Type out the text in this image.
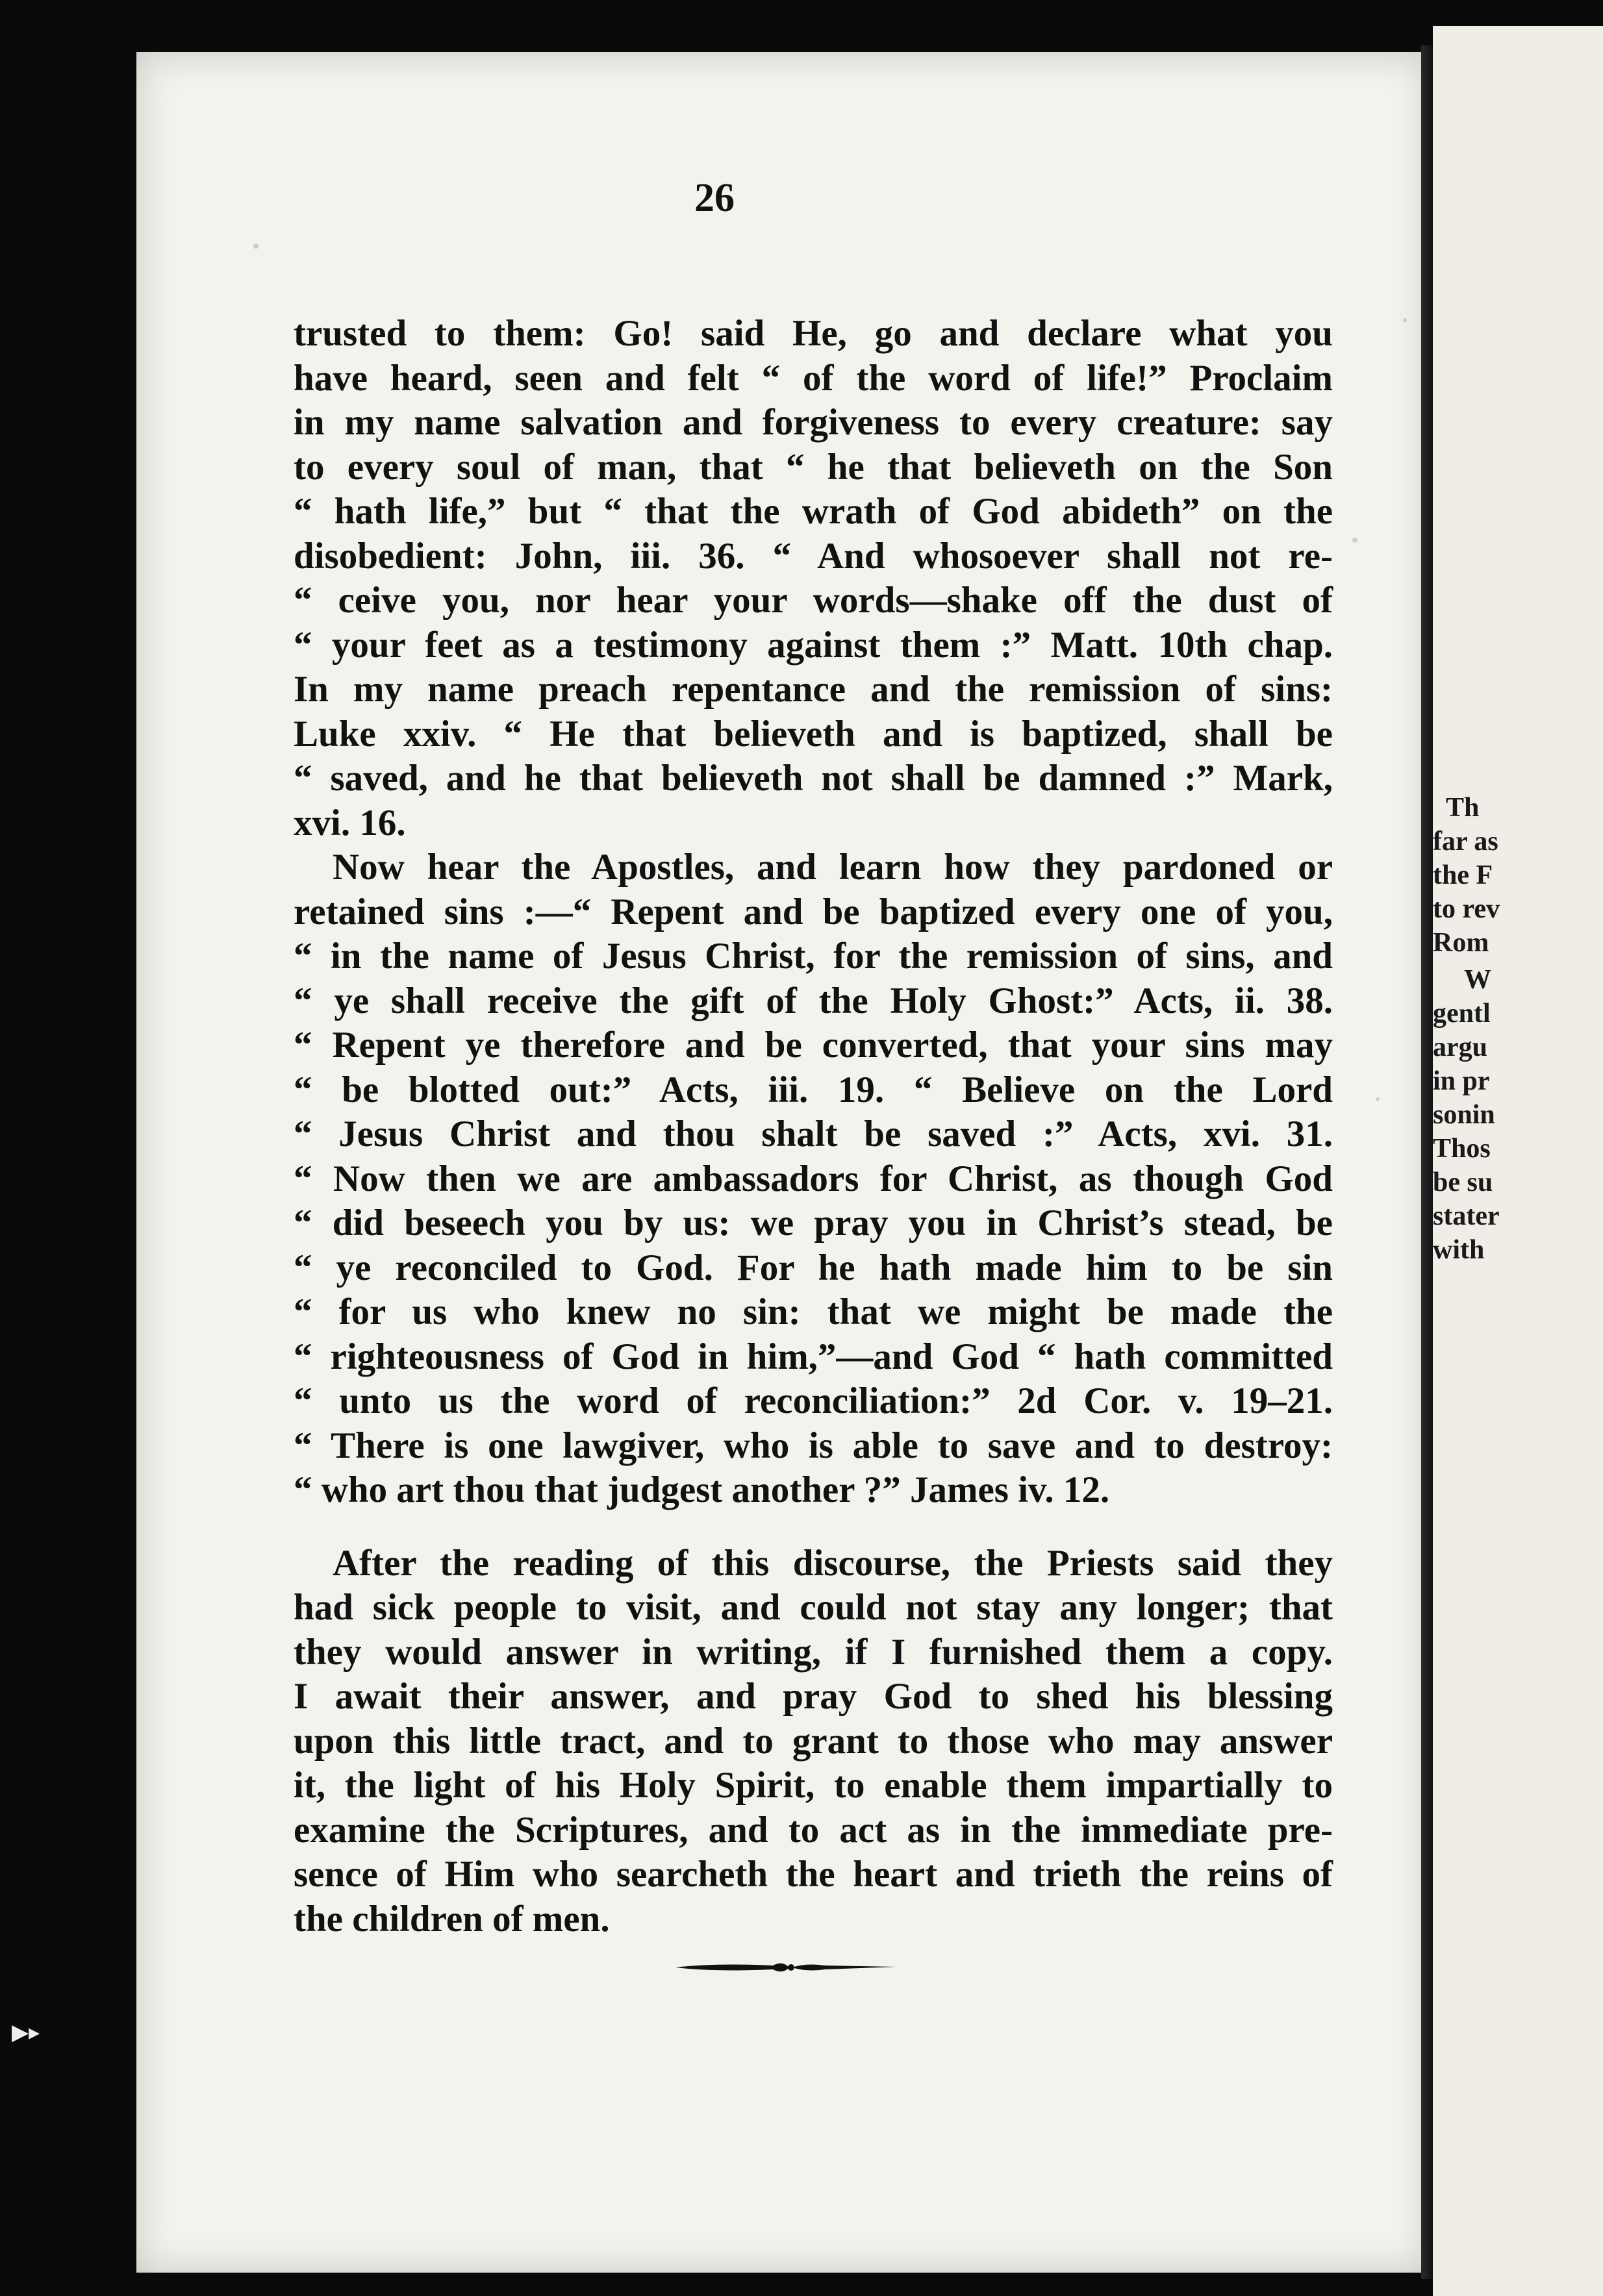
Th
far as
the F
to rev
Rom
W
gentl
argu
in pr
sonin
Thos
be su
stater
with
26
trusted to them: Go! said He, go and declare what you
have heard, seen and felt “ of the word of life!” Proclaim
in my name salvation and forgiveness to every creature: say
to every soul of man, that “ he that believeth on the Son
“ hath life,” but “ that the wrath of God abideth” on the
disobedient: John, iii. 36. “ And whosoever shall not re-
“ ceive you, nor hear your words—shake off the dust of
“ your feet as a testimony against them :” Matt. 10th chap.
In my name preach repentance and the remission of sins:
Luke xxiv. “ He that believeth and is baptized, shall be
“ saved, and he that believeth not shall be damned :” Mark,
xvi. 16.
Now hear the Apostles, and learn how they pardoned or
retained sins :—“ Repent and be baptized every one of you,
“ in the name of Jesus Christ, for the remission of sins, and
“ ye shall receive the gift of the Holy Ghost:” Acts, ii. 38.
“ Repent ye therefore and be converted, that your sins may
“ be blotted out:” Acts, iii. 19. “ Believe on the Lord
“ Jesus Christ and thou shalt be saved :” Acts, xvi. 31.
“ Now then we are ambassadors for Christ, as though God
“ did beseech you by us: we pray you in Christ’s stead, be
“ ye reconciled to God. For he hath made him to be sin
“ for us who knew no sin: that we might be made the
“ righteousness of God in him,”—and God “ hath committed
“ unto us the word of reconciliation:” 2d Cor. v. 19–21.
“ There is one lawgiver, who is able to save and to destroy:
“ who art thou that judgest another ?” James iv. 12.
After the reading of this discourse, the Priests said they
had sick people to visit, and could not stay any longer; that
they would answer in writing, if I furnished them a copy.
I await their answer, and pray God to shed his blessing
upon this little tract, and to grant to those who may answer
it, the light of his Holy Spirit, to enable them impartially to
examine the Scriptures, and to act as in the immediate pre-
sence of Him who searcheth the heart and trieth the reins of
the children of men.
▶▸
